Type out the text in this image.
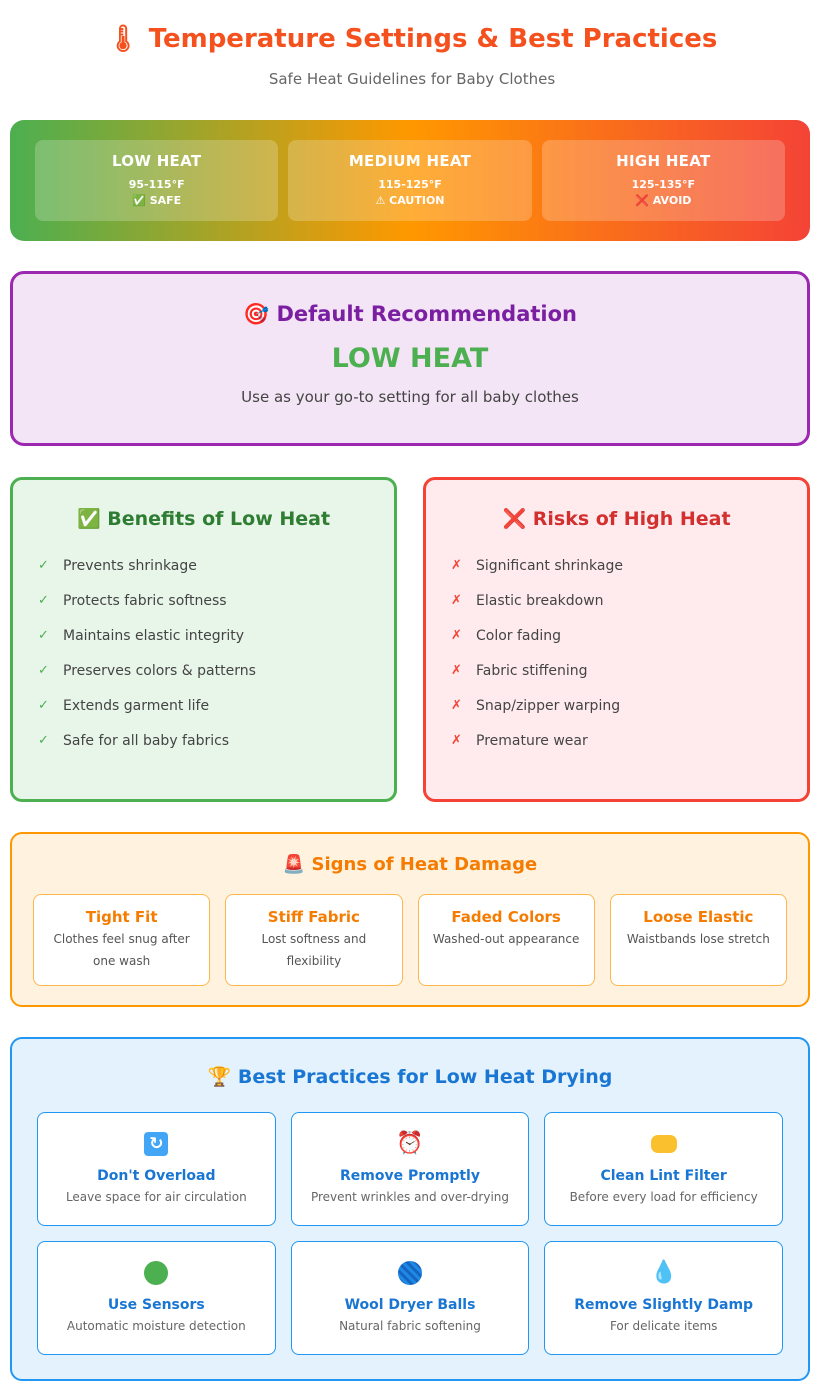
🌡 Temperature Settings & Best Practices
Safe Heat Guidelines for Baby Clothes
LOW HEAT
95-115°F
✅ SAFE
MEDIUM HEAT
115-125°F
⚠ CAUTION
HIGH HEAT
125-135°F
❌ AVOID
🎯 Default Recommendation
LOW HEAT
Use as your go-to setting for all baby clothes
✅ Benefits of Low Heat
✓	Prevents shrinkage
✓	Protects fabric softness
✓	Maintains elastic integrity
✓	Preserves colors & patterns
✓	Extends garment life
✓	Safe for all baby fabrics
❌ Risks of High Heat
✗	Significant shrinkage
✗	Elastic breakdown
✗	Color fading
✗	Fabric stiffening
✗	Snap/zipper warping
✗	Premature wear
🚨 Signs of Heat Damage
Tight Fit
Clothes feel snug after one wash
Stiff Fabric
Lost softness and flexibility
Faded Colors
Washed-out appearance
Loose Elastic
Waistbands lose stretch
🏆 Best Practices for Low Heat Drying
↻
Don't Overload
Leave space for air circulation
⏰
Remove Promptly
Prevent wrinkles and over-drying
Clean Lint Filter
Before every load for efficiency
Use Sensors
Automatic moisture detection
Wool Dryer Balls
Natural fabric softening
💧
Remove Slightly Damp
For delicate items
